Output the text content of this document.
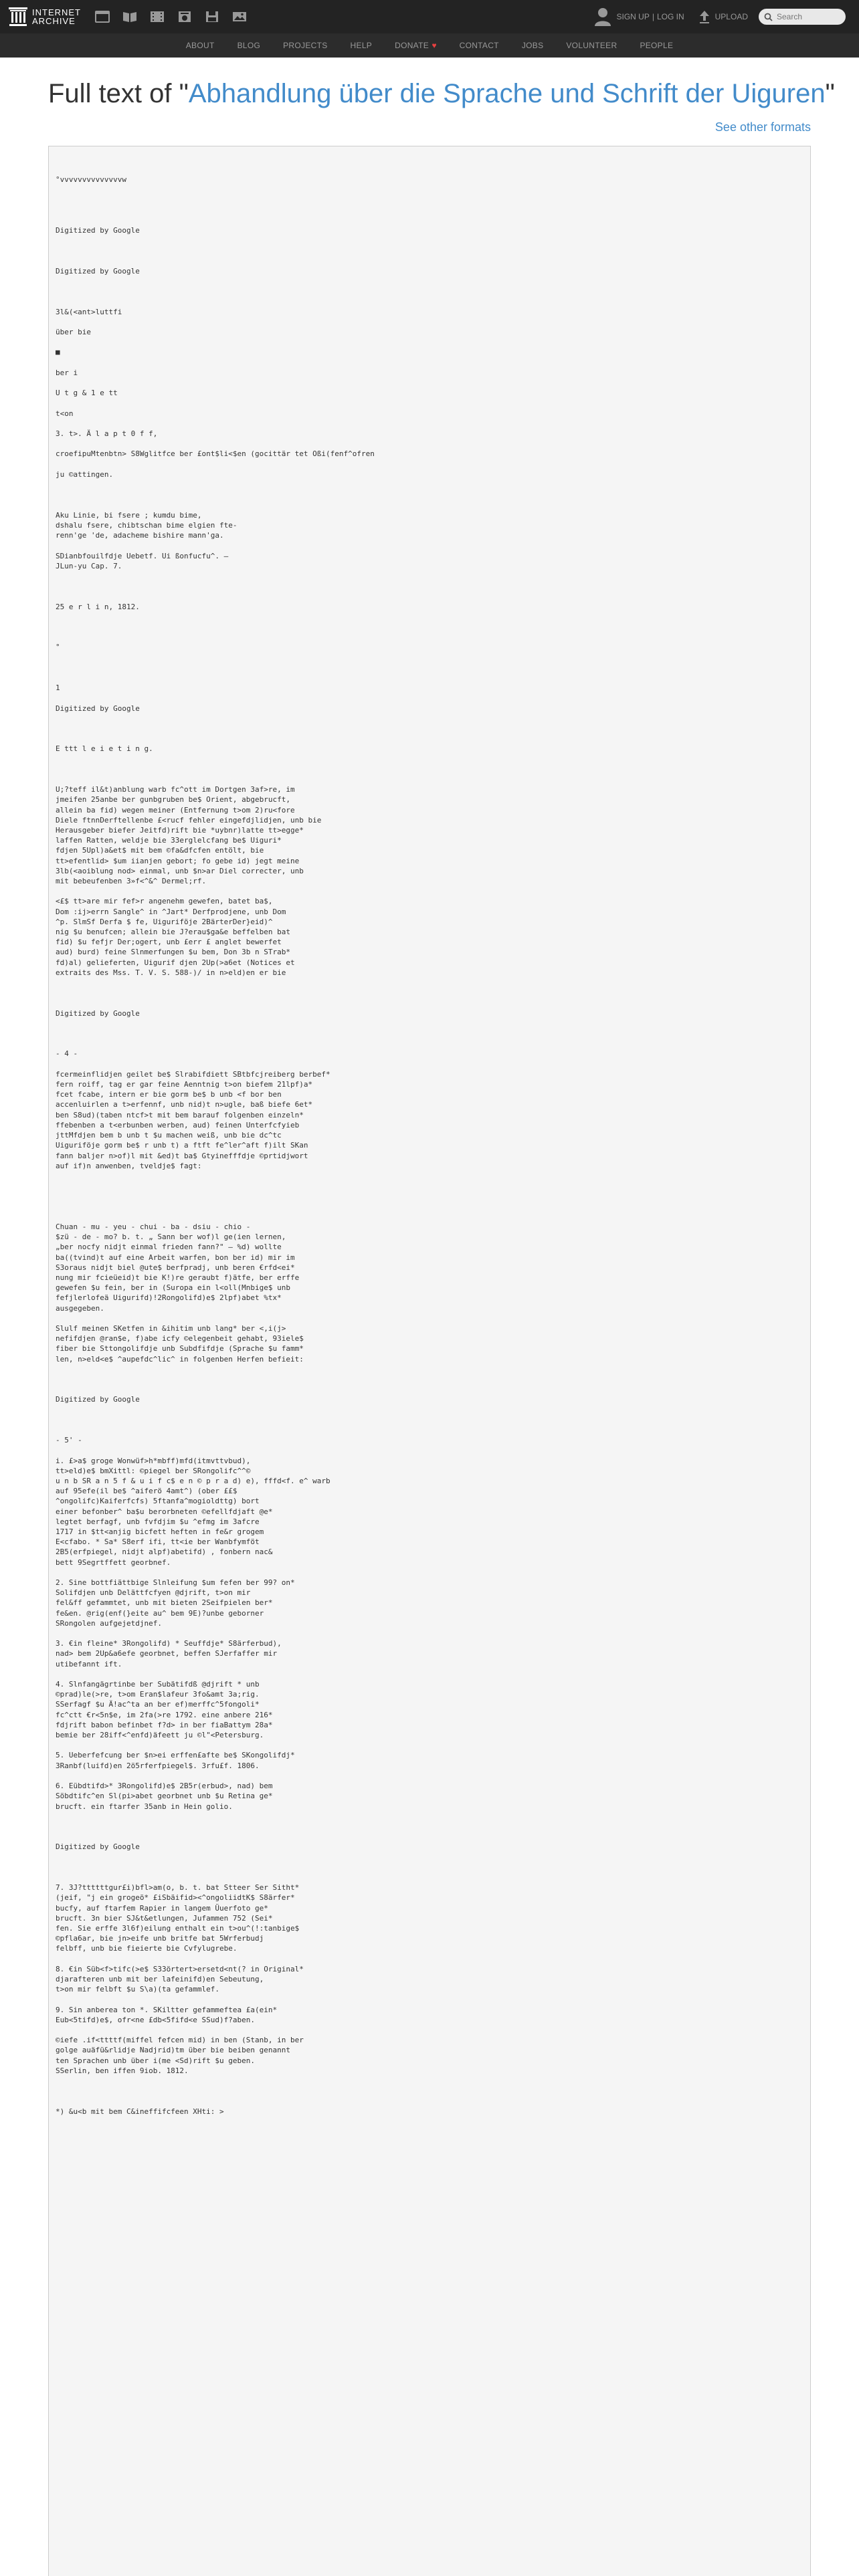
INTERNET
ARCHIVE	SIGN UP | LOG IN	UPLOAD
Search
ABOUT	BLOG	PROJECTS	HELP	DONATE ♥	CONTACT	JOBS	VOLUNTEER	PEOPLE
Full text of "Abhandlung über die Sprache und Schrift der Uiguren"
See other formats
°vvvvvvvvvvvvvvw

Digitized by Google

Digitized by Google

3l&(<ant>luttfi

über bie

■

ber i

U t g & 1 e tt

t<on

3. t>. Ä l a p t 0 f f,

croefipuMtenbtn> S8Wglitfce ber £ont$li<$en (gocittär tet Oßi(fenf^ofren

ju ©attingen.

Aku Linie, bi fsere ; kumdu bime,
dshalu fsere, chibtschan bime elgien fte-
renn'ge 'de, adacheme bishire mann'ga.

SDianbfouilfdje Uebetf. Ui ßonfucfu^. —
JLun-yu Cap. 7.

25 e r l i n, 1812.

°

1

Digitized by Google

E ttt l e i e t i n g.

U;?teff il&t)anblung warb fc^ott im Dortgen 3af>re, im
jmeifen 25anbe ber gunbgruben be$ Orient, abgebrucft,
allein ba fid) wegen meiner (Entfernung t>om 2)ru<fore
Diele ftnnDerftellenbe £<rucf fehler eingefdjlidjen, unb bie
Herausgeber biefer Jeitfd)rift bie *uybnr)latte tt>egge*
laffen Ratten, weldje bie 33erglelcfang be$ Uiguri*
fdjen 5Upl)a&et$ mit bem ©fa&dfcfen entölt, bie
tt>efentlid> $um iianjen gebort; fo gebe id) jegt meine
3lb(<aoiblung nod> einmal, unb $n>ar Diel correcter, unb
mit bebeufenben 3»f<^&^ Dermel;rf.

<£$ tt>are mir fef>r angenehm gewefen, batet ba$,
Dom :ij>errn Sangle^ in ^Jart* Derfprodjene, unb Dom
^p. SlmSf Derfa $ fe, Uiguriföje 2BärterDer}eid)^
nig $u benufcen; allein bie J?erau$ga&e beffelben bat
fid) $u fefjr Der;ogert, unb £err £ anglet bewerfet
aud) burd) feine Slnmerfungen $u bem, Don 3b n STrab*
fd)al) gelieferten, Uigurif djen 2Up(>a6et (Notices et
extraits des Mss. T. V. S. 588-)/ in n>eld)en er bie

Digitized by Google

- 4 -

fcermeinflidjen geilet be$ Slrabifdiett SBtbfcjreiberg berbef*
fern roiff, tag er gar feine Aenntnig t>on biefem 21lpf)a*
fcet fcabe, intern er bie gorm be$ b unb <f bor ben
accenluirlen a t>erfennf, unb nid)t n>ugle, baß biefe 6et*
ben S8ud)(taben ntcf>t mit bem barauf folgenben einzeln*
ffebenben a t<erbunben werben, aud) feinen Unterfcfyieb
jttMfdjen bem b unb t $u machen weiß, unb bie dc^tc
Uiguriföje gorm be$ r unb t) a ftft fe^ler^aft f)ilt SKan
fann baljer n>of)l mit &ed)t ba$ Gtyinefffdje ©prtidjwort
auf if)n anwenben, tveldje$ fagt:

Chuan - mu - yeu - chui - ba - dsiu - chio -
$zü - de - mo? b. t. „ Sann ber wof)l ge(ien lernen,
„ber nocfy nidjt einmal frieden fann?" — %d) wollte
ba((tvind)t auf eine Arbeit warfen, bon ber id) mir im
S3oraus nidjt biel @ute$ berfpradj, unb beren €rfd<ei*
nung mir fcieüeid)t bie K!)re geraubt f)ätfe, ber erffe
gewefen $u fein, ber in (Suropa ein l<oll(Mnbige$ unb
fefjlerlofeä Uigurifd)!2Rongolifd)e$ 2lpf)abet %tx*
ausgegeben.

Slulf meinen SKetfen in &ihitim unb lang* ber <,i(j>
nefifdjen @ran$e, f)abe icfy ©elegenbeit gehabt, 93iele$
fiber bie Sttongolifdje unb Subdfifdje (Sprache $u famm*
len, n>eld<e$ ^aupefdc^lic^ in folgenben Herfen befieit:

Digitized by Google

- 5' -

i. £>a$ groge Wonwüf>h*mbff)mfd(itmvttvbud),
tt>eld)e$ bmXittl: ©piegel ber SRongolifc^^©
u n b SR a n 5 f & u i f c$ e n © p r a d) e), fffd<f. e^ warb
auf 95efe(il be$ ^aiferö 4amt^) (ober ££$
^ongolifc)Kaiferfcfs) 5ftanfa^mogioldttg) bort
einer befonber^ ba$u berorbneten ©efellfdjaft @e*
legtet berfagf, unb fvfdjim $u ^efmg im 3afcre
1717 in $tt<anjig bicfett heften in fe&r grogem
E<cfabo. * Sa* S8erf ifi, tt<ie ber Wanbfymföt
2B5(erfpiegel, nidjt alpf)abetifd) , fonbern nac&
bett 9Segrtffett georbnef.

2. Sine bottfiättbige Slnleifung $um fefen ber 99? on*
Solifdjen unb Delättfcfyen @djrift, t>on mir
fel&ff gefammtet, unb mit bieten 2Seifpielen ber*
fe&en. @rig(enf(}eite au^ bem 9E)?unbe geborner
SRongolen aufgejetdjnef.

3. €in fleine* 3Rongolifd) * Seuffdje* S8ärferbud),
nad> bem 2Up&a6efe georbnet, beffen SJerfaffer mir
utibefannt ift.

4. Slnfangägrtinbe ber Subätifdß @djrift * unb
©prad)le(>re, t>om Eran$lafeur 3fo&amt 3a;rig.
SSerfagf $u Ä!ac^ta an ber ef)merffc^5fongoli*
fc^ctt €r<5n$e, im 2fa(>re 1792. eine anbere 216*
fdjrift babon befinbet f?d> in ber fiaBattym 28a*
bemie ber 28iff<^enfd)äfeett ju ©l"<Petersburg.

5. Ueberfefcung ber $n>ei erffen£afte be$ SKongolifdj*
3Ranbf(luifd)en 2ö5rferfpiegel$. 3rfu£f. 1806.

6. Eübdtifd>* 3Rongolifd)e$ 2B5r(erbud>, nad) bem
Söbdtifc^en Sl(pi>abet georbnet unb $u Retina ge*
brucft. ein ftarfer 35anb in Hein golio.

Digitized by Google

7. 3J?ttttttgur£i)bfl>am(o, b. t. bat Stteer Ser Sitht*
(jeif, "j ein grogeö* £iSbäifid><^ongoliidtK$ S8ärfer*
bucfy, auf ftarfem Rapier in langem Üuerfoto ge*
brucft. 3n bier SJ&t&etlungen, Jufammen 752 (Sei*
fen. Sie erffe 3l6f)eilung enthalt ein t>ou^(!:tanbige$
©pfla6ar, bie jn>eife unb britfe bat 5Wrferbudj
felbff, unb bie fieierte bie Cvfylugrebe.

8. €in Süb<f>tifc(>e$ S33örtert>ersetd<nt(? in Original*
djarafteren unb mit ber lafeinifd)en Sebeutung,
t>on mir felbft $u S\a)(ta gefammlef.

9. Sin anberea ton *. SKiltter gefammeftea £a(ein*
Eub<5tifd)e$, ofr<ne £db<5fifd<e SSud)f?aben.

©iefe .if<ttttf(miffel fefcen mid) in ben (Stanb, in ber
golge auäfü&rlidje Nadjrid)tm über bie beiben genannt
ten Sprachen unb über i(me <Sd)rift $u geben.
SSerlin, ben iffen 9iob. 1812.

*) &u<b mit bem C&ineffifcfeen XHti: >
